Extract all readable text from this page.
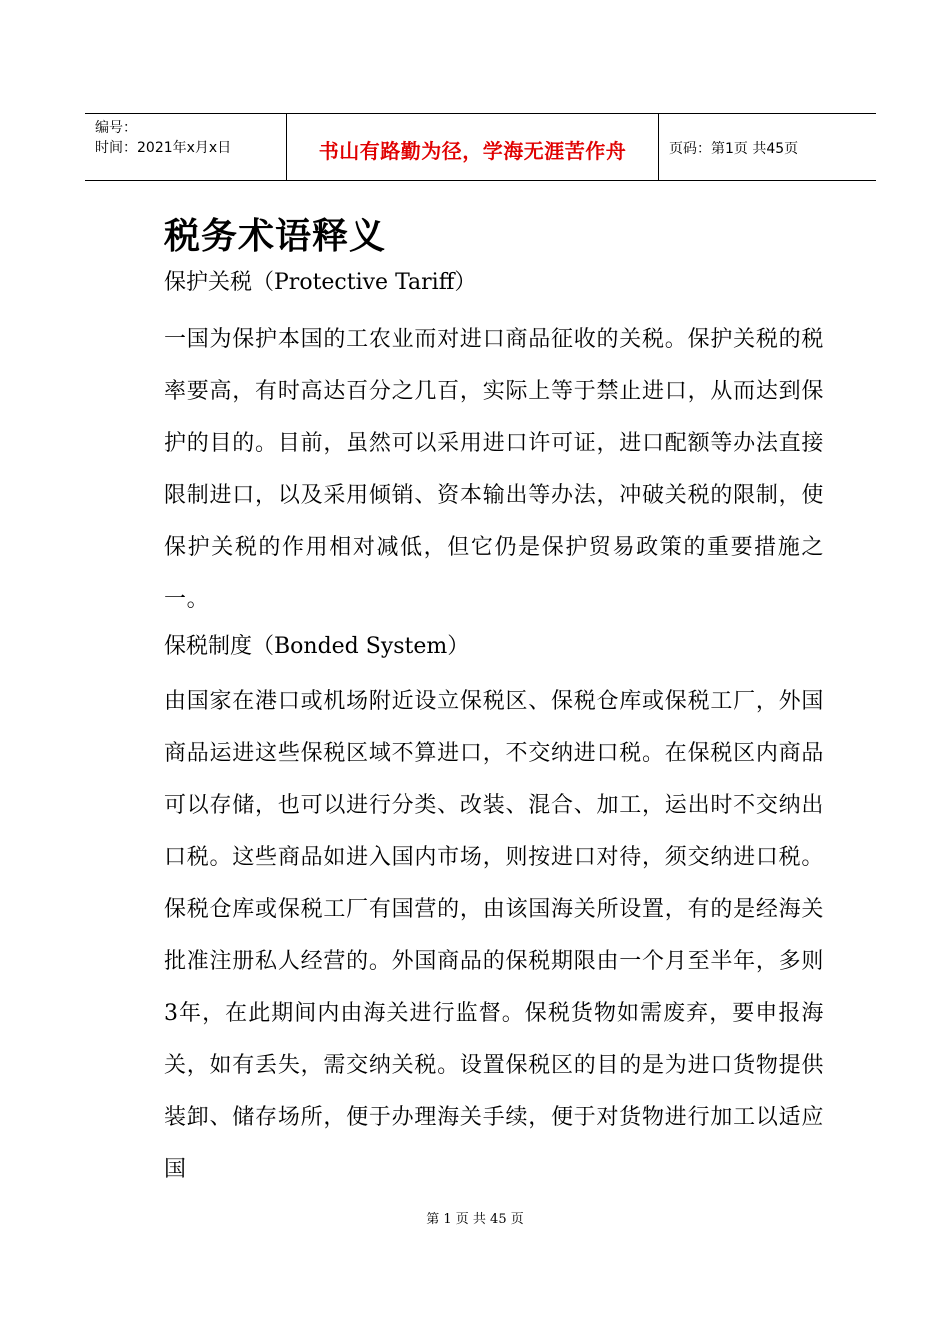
编号：
时间：2021年x月x日	书山有路勤为径，学海无涯苦作舟	页码：第1页 共45页
税务术语释义

保护关税（Protective Tariff）

一国为保护本国的工农业而对进口商品征收的关税。保护关税的税率要高，有时高达百分之几百，实际上等于禁止进口，从而达到保护的目的。目前，虽然可以采用进口许可证，进口配额等办法直接限制进口，以及采用倾销、资本输出等办法，冲破关税的限制，使保护关税的作用相对减低，但它仍是保护贸易政策的重要措施之一。

保税制度（Bonded System）

由国家在港口或机场附近设立保税区、保税仓库或保税工厂，外国商品运进这些保税区域不算进口，不交纳进口税。在保税区内商品可以存储，也可以进行分类、改装、混合、加工，运出时不交纳出口税。这些商品如进入国内市场，则按进口对待，须交纳进口税。保税仓库或保税工厂有国营的，由该国海关所设置，有的是经海关批准注册私人经营的。外国商品的保税期限由一个月至半年，多则3年，在此期间内由海关进行监督。保税货物如需废弃，要申报海关，如有丢失，需交纳关税。设置保税区的目的是为进口货物提供装卸、储存场所，便于办理海关手续，便于对货物进行加工以适应国

第 1 页 共 45 页
